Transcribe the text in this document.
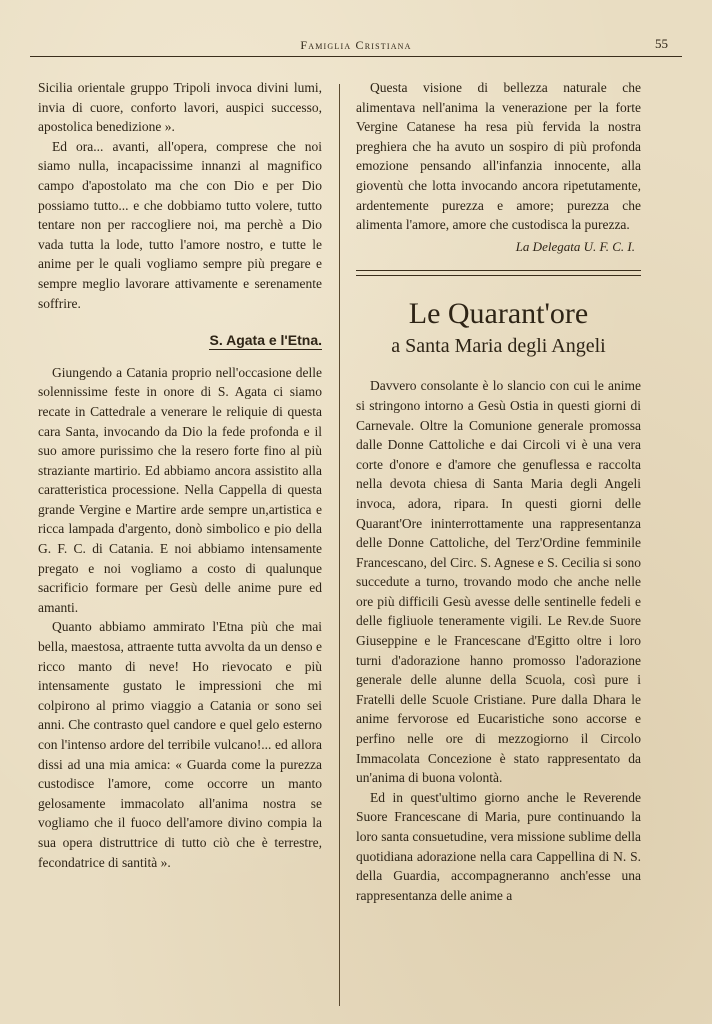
Famiglia Cristiana	55

Sicilia orientale gruppo Tripoli invoca divini lumi, invia di cuore, conforto lavori, auspici successo, apostolica benedizione ».

Ed ora... avanti, all'opera, comprese che noi siamo nulla, incapacissime innanzi al magnifico campo d'apostolato ma che con Dio e per Dio possiamo tutto... e che dobbiamo tutto volere, tutto tentare non per raccogliere noi, ma perchè a Dio vada tutta la lode, tutto l'amore nostro, e tutte le anime per le quali vogliamo sempre più pregare e sempre meglio lavorare attivamente e serenamente soffrire.

S. Agata e l'Etna.

Giungendo a Catania proprio nell'occasione delle solennissime feste in onore di S. Agata ci siamo recate in Cattedrale a venerare le reliquie di questa cara Santa, invocando da Dio la fede profonda e il suo amore purissimo che la resero forte fino al più straziante martirio. Ed abbiamo ancora assistito alla caratteristica processione. Nella Cappella di questa grande Vergine e Martire arde sempre un,artistica e ricca lampada d'argento, donò simbolico e pio della G. F. C. di Catania. E noi abbiamo intensamente pregato e noi vogliamo a costo di qualunque sacrificio formare per Gesù delle anime pure ed amanti.

Quanto abbiamo ammirato l'Etna più che mai bella, maestosa, attraente tutta avvolta da un denso e ricco manto di neve! Ho rievocato e più intensamente gustato le impressioni che mi colpirono al primo viaggio a Catania or sono sei anni. Che contrasto quel candore e quel gelo esterno con l'intenso ardore del terribile vulcano!... ed allora dissi ad una mia amica: « Guarda come la purezza custodisce l'amore, come occorre un manto gelosamente immacolato all'anima nostra se vogliamo che il fuoco dell'amore divino compia la sua opera distruttrice di tutto ciò che è terrestre, fecondatrice di santità ».

Questa visione di bellezza naturale che alimentava nell'anima la venerazione per la forte Vergine Catanese ha resa più fervida la nostra preghiera che ha avuto un sospiro di più profonda emozione pensando all'infanzia innocente, alla gioventù che lotta invocando ancora ripetutamente, ardentemente purezza e amore; purezza che alimenta l'amore, amore che custodisca la purezza.

La Delegata U. F. C. I.
Le Quarant'ore
a Santa Maria degli Angeli

Davvero consolante è lo slancio con cui le anime si stringono intorno a Gesù Ostia in questi giorni di Carnevale. Oltre la Comunione generale promossa dalle Donne Cattoliche e dai Circoli vi è una vera corte d'onore e d'amore che genuflessa e raccolta nella devota chiesa di Santa Maria degli Angeli invoca, adora, ripara. In questi giorni delle Quarant'Ore ininterrottamente una rappresentanza delle Donne Cattoliche, del Terz'Ordine femminile Francescano, del Circ. S. Agnese e S. Cecilia si sono succedute a turno, trovando modo che anche nelle ore più difficili Gesù avesse delle sentinelle fedeli e delle figliuole teneramente vigili. Le Rev.de Suore Giuseppine e le Francescane d'Egitto oltre i loro turni d'adorazione hanno promosso l'adorazione generale delle alunne della Scuola, così pure i Fratelli delle Scuole Cristiane. Pure dalla Dhara le anime fervorose ed Eucaristiche sono accorse e perfino nelle ore di mezzogiorno il Circolo Immacolata Concezione è stato rappresentato da un'anima di buona volontà.

Ed in quest'ultimo giorno anche le Reverende Suore Francescane di Maria, pure continuando la loro santa consuetudine, vera missione sublime della quotidiana adorazione nella cara Cappellina di N. S. della Guardia, accompagneranno anch'esse una rappresentanza delle anime a
